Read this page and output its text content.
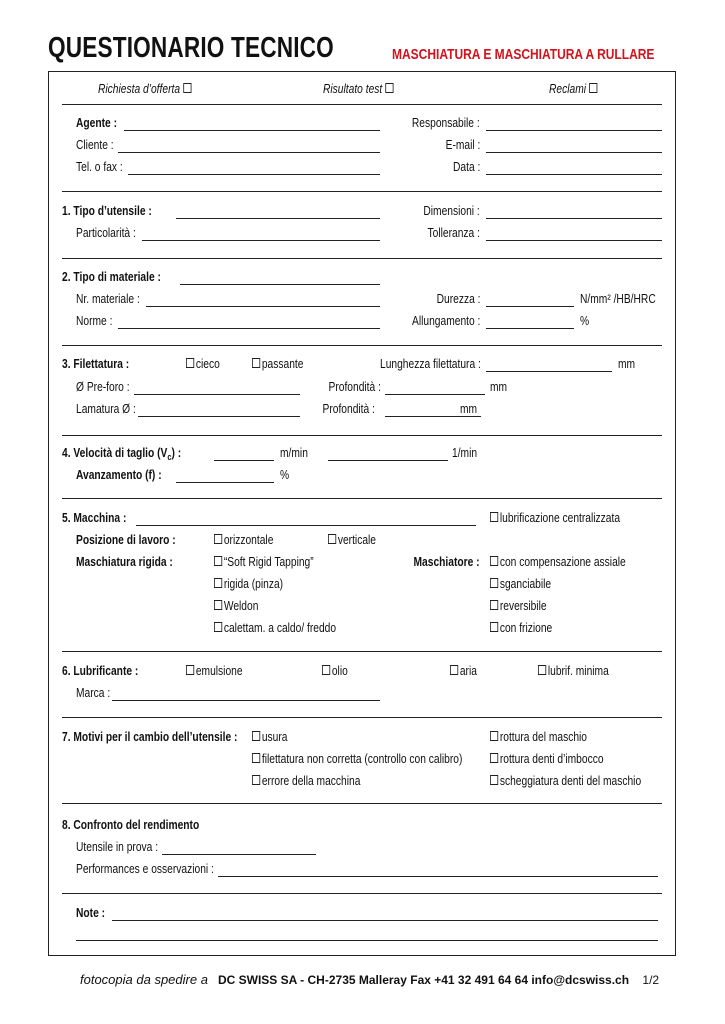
QUESTIONARIO TECNICO	MASCHIATURA E MASCHIATURA A RULLARE
Richiesta d’offerta	Risultato test	Reclami
Agente :
Cliente :
Tel. o fax :
Responsabile :
E-mail :
Data :
1. Tipo d’utensile :
Particolarità :
Dimensioni :
Tolleranza :
2. Tipo di materiale :
Nr. materiale :
Norme :
Durezza :	N/mm² /HB/HRC
Allungamento :	%
3. Filettatura :	cieco	passante	Lunghezza filettatura :	mm
Ø Pre-foro :	Profondità :	mm
Lamatura Ø :	Profondità :	mm
4. Velocità di taglio $(V_c)$ :	m/min	1/min
Avanzamento (f) :	%
5. Macchina :	lubrificazione centralizzata
Posizione di lavoro :	orizzontale	verticale
Maschiatura rigida :	“Soft Rigid Tapping”
rigida (pinza)
Weldon
calettam. a caldo/ freddo
Maschiatore :	con compensazione assiale
sganciabile
reversibile
con frizione
6. Lubrificante :	emulsione	olio	aria	lubrif. minima
Marca :
7. Motivi per il cambio dell’utensile :	usura
filettatura non corretta (controllo con calibro)
errore della macchina
rottura del maschio
rottura denti d’imbocco
scheggiatura denti del maschio
8. Confronto del rendimento
Utensile in prova :
Performances e osservazioni :
Note :
fotocopia da spedire a DC SWISS SA - CH-2735 Malleray Fax +41 32 491 64 64 info@dcswiss.ch 1/2
